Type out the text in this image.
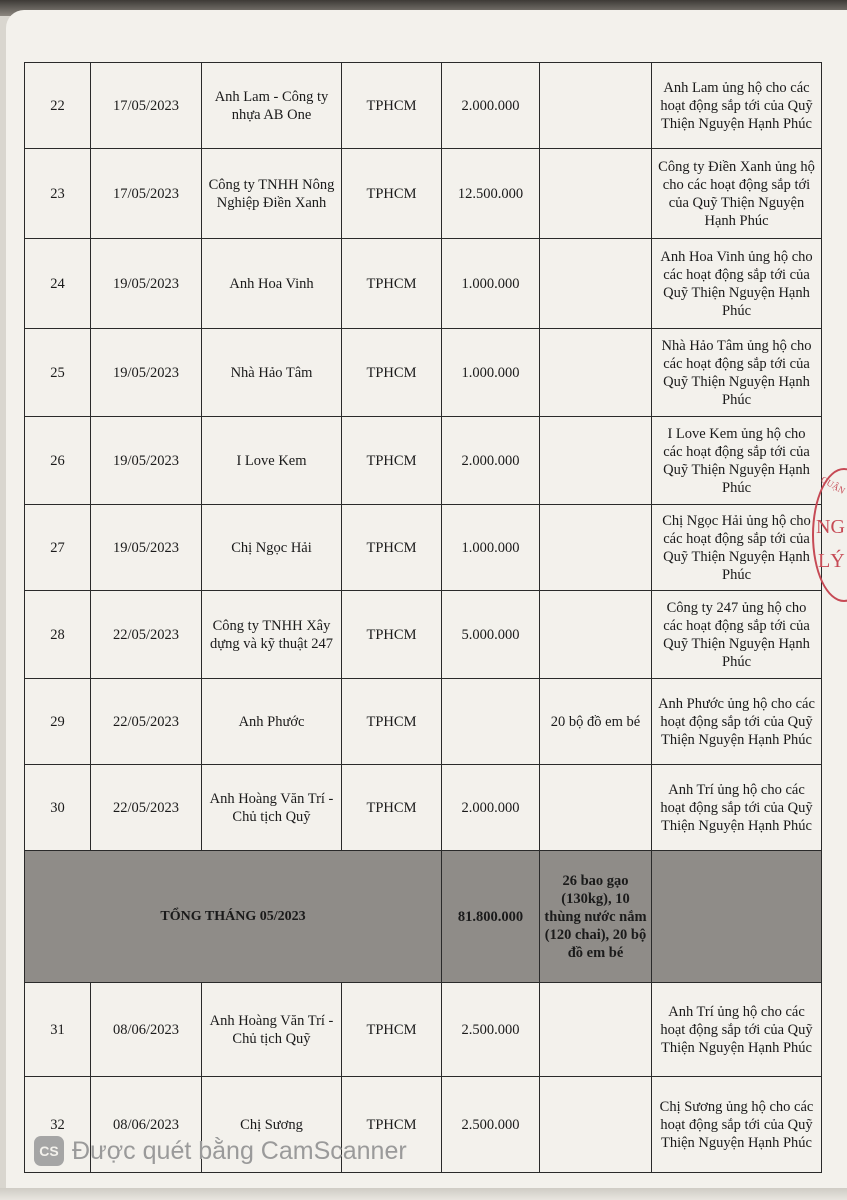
22	17/05/2023	Anh Lam - Công ty nhựa AB One	TPHCM	2.000.000		Anh Lam ủng hộ cho các hoạt động sắp tới của Quỹ Thiện Nguyện Hạnh Phúc
23	17/05/2023	Công ty TNHH Nông Nghiệp Điền Xanh	TPHCM	12.500.000		Công ty Điền Xanh ủng hộ cho các hoạt động sắp tới của Quỹ Thiện Nguyện Hạnh Phúc
24	19/05/2023	Anh Hoa Vinh	TPHCM	1.000.000		Anh Hoa Vinh ủng hộ cho các hoạt động sắp tới của Quỹ Thiện Nguyện Hạnh Phúc
25	19/05/2023	Nhà Hảo Tâm	TPHCM	1.000.000		Nhà Hảo Tâm ủng hộ cho các hoạt động sắp tới của Quỹ Thiện Nguyện Hạnh Phúc
26	19/05/2023	I Love Kem	TPHCM	2.000.000		I Love Kem ủng hộ cho các hoạt động sắp tới của Quỹ Thiện Nguyện Hạnh Phúc
27	19/05/2023	Chị Ngọc Hải	TPHCM	1.000.000		Chị Ngọc Hải ủng hộ cho các hoạt động sắp tới của Quỹ Thiện Nguyện Hạnh Phúc
28	22/05/2023	Công ty TNHH Xây dựng và kỹ thuật 247	TPHCM	5.000.000		Công ty 247 ủng hộ cho các hoạt động sắp tới của Quỹ Thiện Nguyện Hạnh Phúc
29	22/05/2023	Anh Phước	TPHCM		20 bộ đồ em bé	Anh Phước ủng hộ cho các hoạt động sắp tới của Quỹ Thiện Nguyện Hạnh Phúc
30	22/05/2023	Anh Hoàng Văn Trí - Chủ tịch Quỹ	TPHCM	2.000.000		Anh Trí ủng hộ cho các hoạt động sắp tới của Quỹ Thiện Nguyện Hạnh Phúc
TỔNG THÁNG 05/2023				81.800.000	26 bao gạo (130kg), 10 thùng nước nắm (120 chai), 20 bộ đồ em bé	
31	08/06/2023	Anh Hoàng Văn Trí - Chủ tịch Quỹ	TPHCM	2.500.000		Anh Trí ủng hộ cho các hoạt động sắp tới của Quỹ Thiện Nguyện Hạnh Phúc
32	08/06/2023	Chị Sương	TPHCM	2.500.000		Chị Sương ủng hộ cho các hoạt động sắp tới của Quỹ Thiện Nguyện Hạnh Phúc
QUẬN
NG
LÝ
CS Được quét bằng CamScanner
